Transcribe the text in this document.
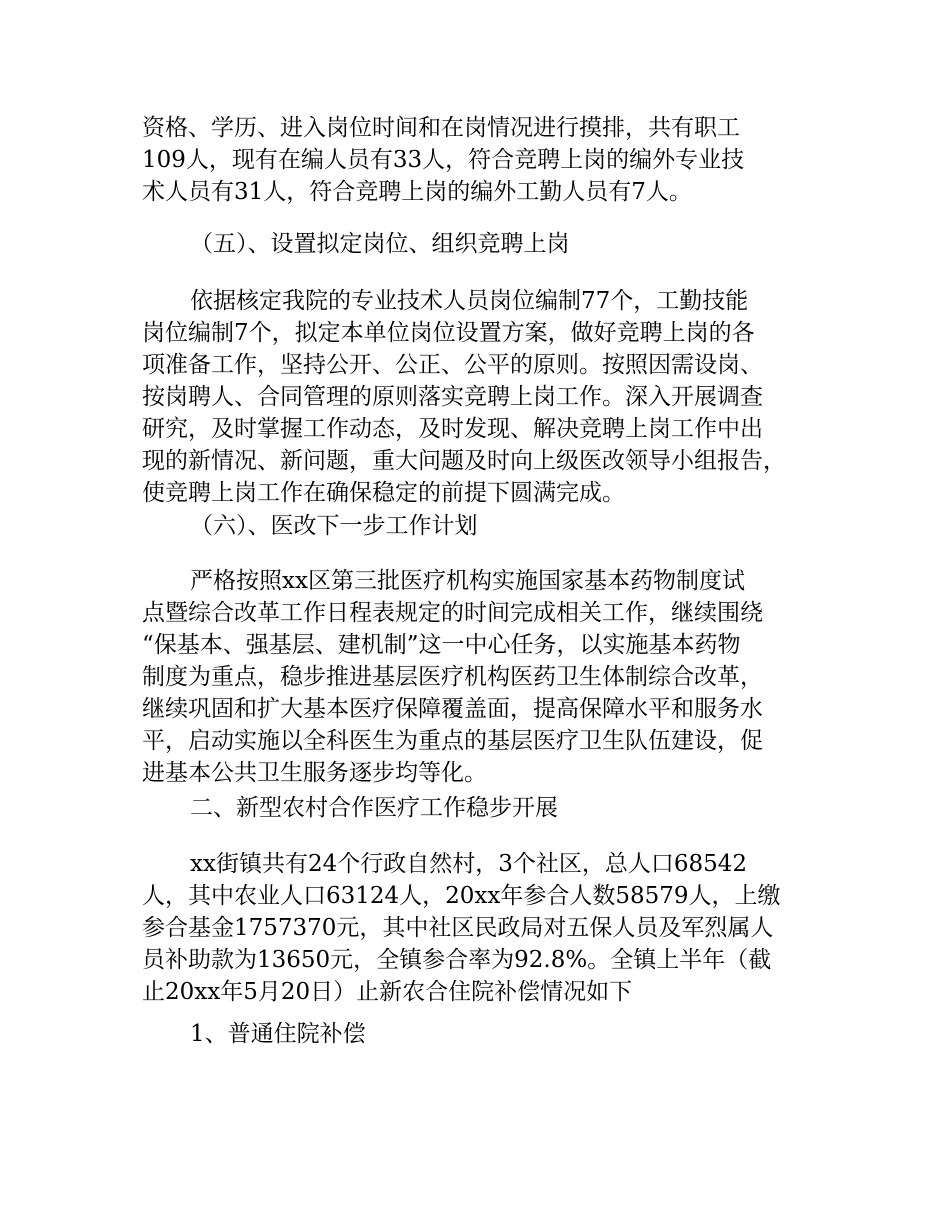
资格、学历、进入岗位时间和在岗情况进行摸排，共有职工
109人，现有在编人员有33人，符合竞聘上岗的编外专业技
术人员有31人，符合竞聘上岗的编外工勤人员有7人。
（五）、设置拟定岗位、组织竞聘上岗
依据核定我院的专业技术人员岗位编制77个，工勤技能
岗位编制7个，拟定本单位岗位设置方案，做好竞聘上岗的各
项准备工作，坚持公开、公正、公平的原则。按照因需设岗、
按岗聘人、合同管理的原则落实竞聘上岗工作。深入开展调查
研究，及时掌握工作动态，及时发现、解决竞聘上岗工作中出
现的新情况、新问题，重大问题及时向上级医改领导小组报告，
使竞聘上岗工作在确保稳定的前提下圆满完成。
（六）、医改下一步工作计划
严格按照xx区第三批医疗机构实施国家基本药物制度试
点暨综合改革工作日程表规定的时间完成相关工作，继续围绕
“保基本、强基层、建机制”这一中心任务，以实施基本药物
制度为重点，稳步推进基层医疗机构医药卫生体制综合改革，
继续巩固和扩大基本医疗保障覆盖面，提高保障水平和服务水
平，启动实施以全科医生为重点的基层医疗卫生队伍建设，促
进基本公共卫生服务逐步均等化。
二、新型农村合作医疗工作稳步开展
xx街镇共有24个行政自然村，3个社区，总人口68542
人，其中农业人口63124人，20xx年参合人数58579人，上缴
参合基金1757370元，其中社区民政局对五保人员及军烈属人
员补助款为13650元，全镇参合率为92.8%。全镇上半年（截
止20xx年5月20日）止新农合住院补偿情况如下
1、普通住院补偿
